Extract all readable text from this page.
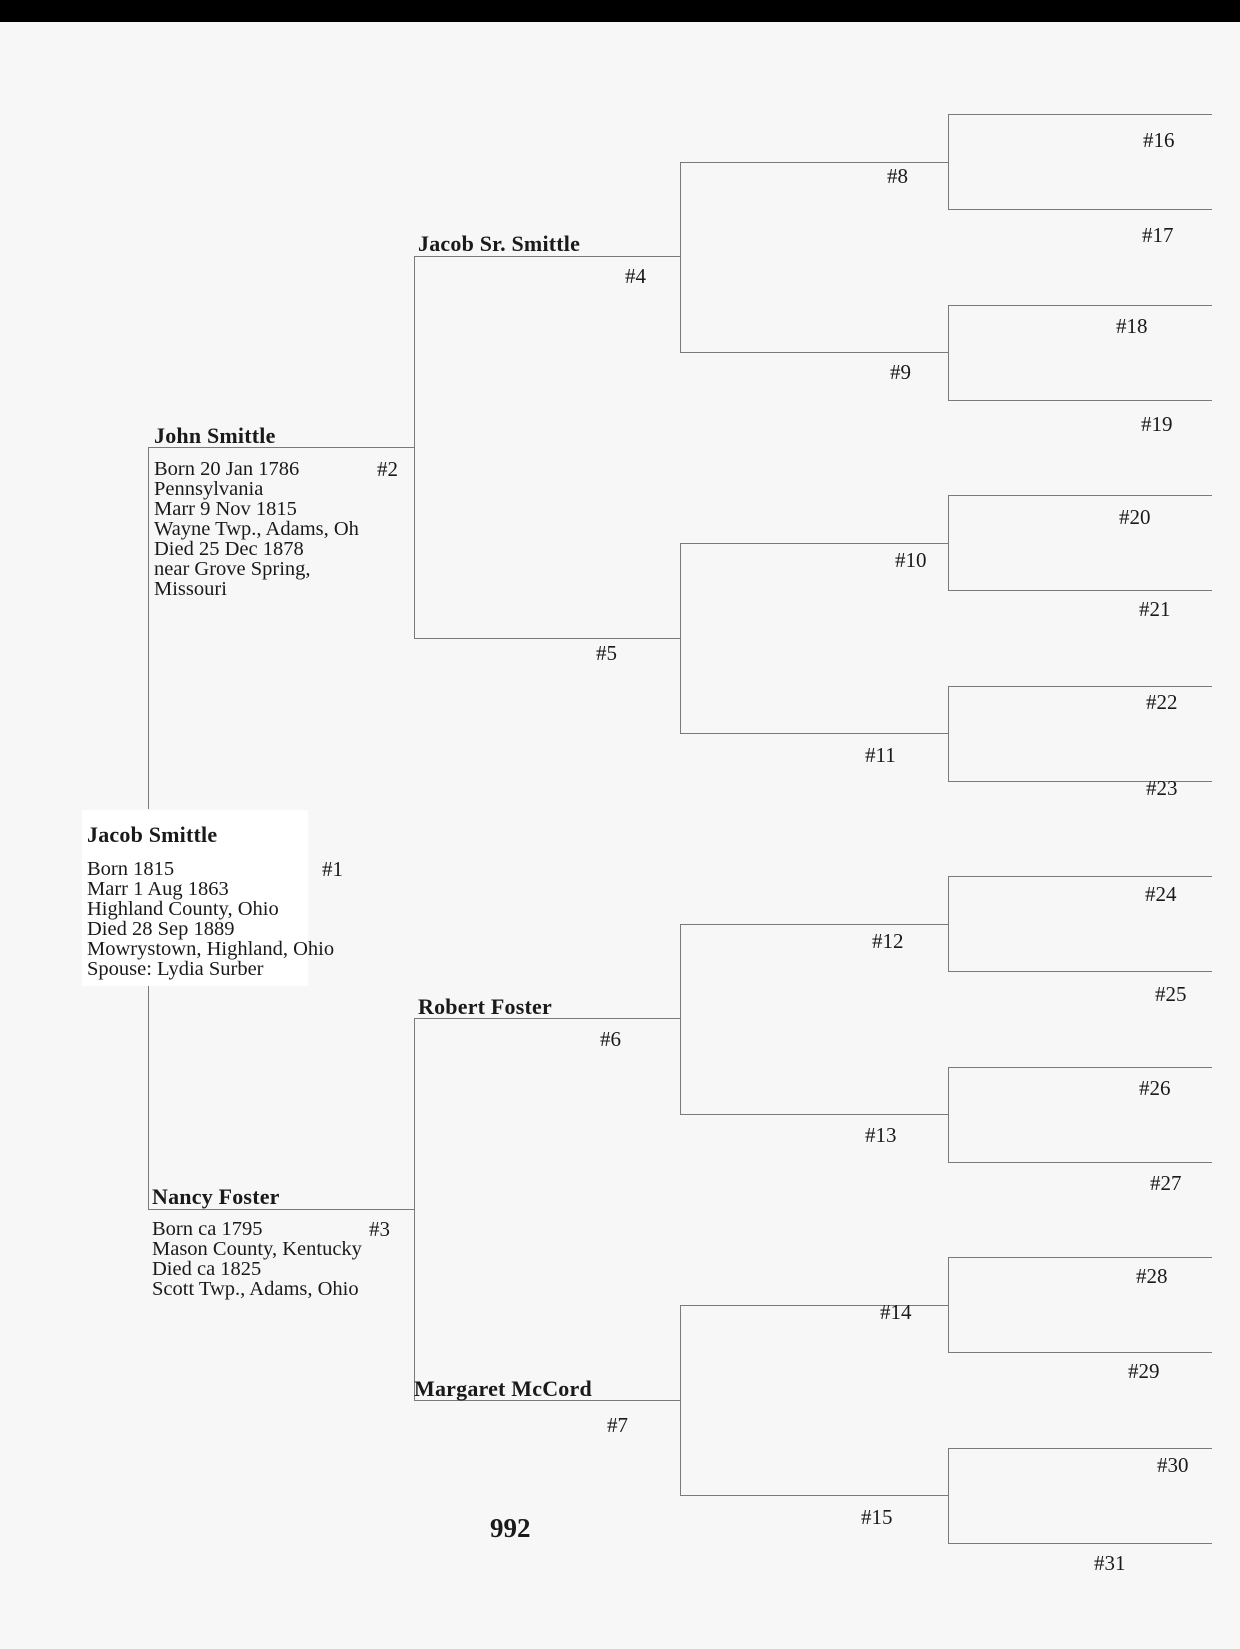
Jacob Smittle
#1
Born 1815
Marr 1 Aug 1863
Highland County, Ohio
Died 28 Sep 1889
Mowrystown, Highland, Ohio
Spouse: Lydia Surber
John Smittle
#2
Born 20 Jan 1786
Pennsylvania
Marr 9 Nov 1815
Wayne Twp., Adams, Oh
Died 25 Dec 1878
near Grove Spring,
Missouri
Nancy Foster
#3
Born ca 1795
Mason County, Kentucky
Died ca 1825
Scott Twp., Adams, Ohio
Jacob Sr. Smittle
#4
#5
Robert Foster
#6
Margaret McCord
#7
#8
#9
#10
#11
#12
#13
#14
#15
#16
#17
#18
#19
#20
#21
#22
#23
#24
#25
#26
#27
#28
#29
#30
#31
992
